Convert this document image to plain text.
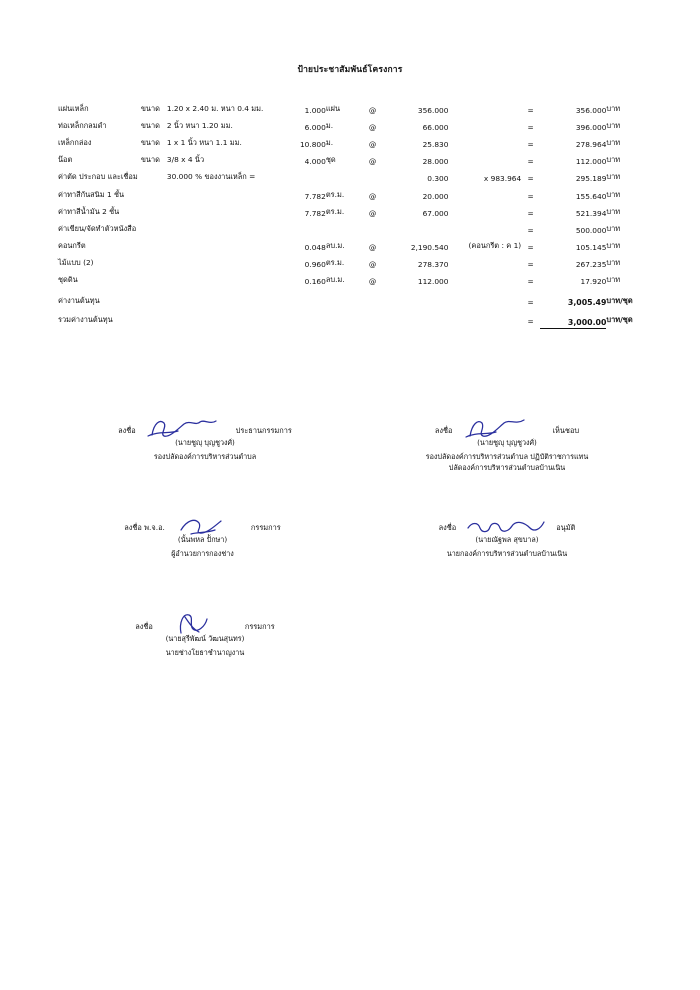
ป้ายประชาสัมพันธ์โครงการ
แผ่นเหล็ก	ขนาด 1.20 x 2.40 ม. หนา 0.4 มม.	1.000	แผ่น	@	356.000		=	356.000	บาท
ท่อเหล็กกลมดำ	ขนาด 2 นิ้ว หนา 1.20 มม.	6.000	ม.	@	66.000		=	396.000	บาท
เหล็กกล่อง	ขนาด 1 x 1 นิ้ว หนา 1.1 มม.	10.800	ม.	@	25.830		=	278.964	บาท
น๊อต	ขนาด 3/8 x 4 นิ้ว	4.000	ชุด	@	28.000		=	112.000	บาท
ค่าตัด ประกอบ และเชื่อม	30.000 % ของงานเหล็ก =				0.300	x 983.964	=	295.189	บาท
ค่าทาสีกันสนิม 1 ชั้น		7.782	ตร.ม.	@	20.000		=	155.640	บาท
ค่าทาสีน้ำมัน 2 ชั้น		7.782	ตร.ม.	@	67.000		=	521.394	บาท
ค่าเขียน/จัดทำตัวหนังสือ							=	500.000	บาท
คอนกรีต		0.048	ลบ.ม.	@	2,190.540	(คอนกรีต : ค 1)	=	105.145	บาท
ไม้แบบ (2)		0.960	ตร.ม.	@	278.370		=	267.235	บาท
ชุดดิน		0.160	ลบ.ม.	@	112.000		=	17.920	บาท
ค่างานต้นทุน							=	3,005.49	บาท/ชุด
รวมค่างานต้นทุน							=	3,000.00	บาท/ชุด
ลงชื่อ	ประธานกรรมการ
(นายชูญุ บุญชูวงศ์)
รองปลัดองค์การบริหารส่วนตำบล
ลงชื่อ	เห็นชอบ
(นายชูญุ บุญชูวงศ์)
รองปลัดองค์การบริหารส่วนตำบล ปฏิบัติราชการแทน
ปลัดองค์การบริหารส่วนตำบลบ้านเนิน
ลงชื่อ พ.จ.อ.	กรรมการ
(นั้นพหล ปัักษา)
ผู้อำนวยการกองช่าง
ลงชื่อ	อนุมัติ
(นายณัฐพล สุขบาล)
นายกองค์การบริหารส่วนตำบลบ้านเนิน
ลงชื่อ	กรรมการ
(นายสุรีพัฒน์ วัฒนสุนทร)
นายช่างโยธาชำนาญงาน
